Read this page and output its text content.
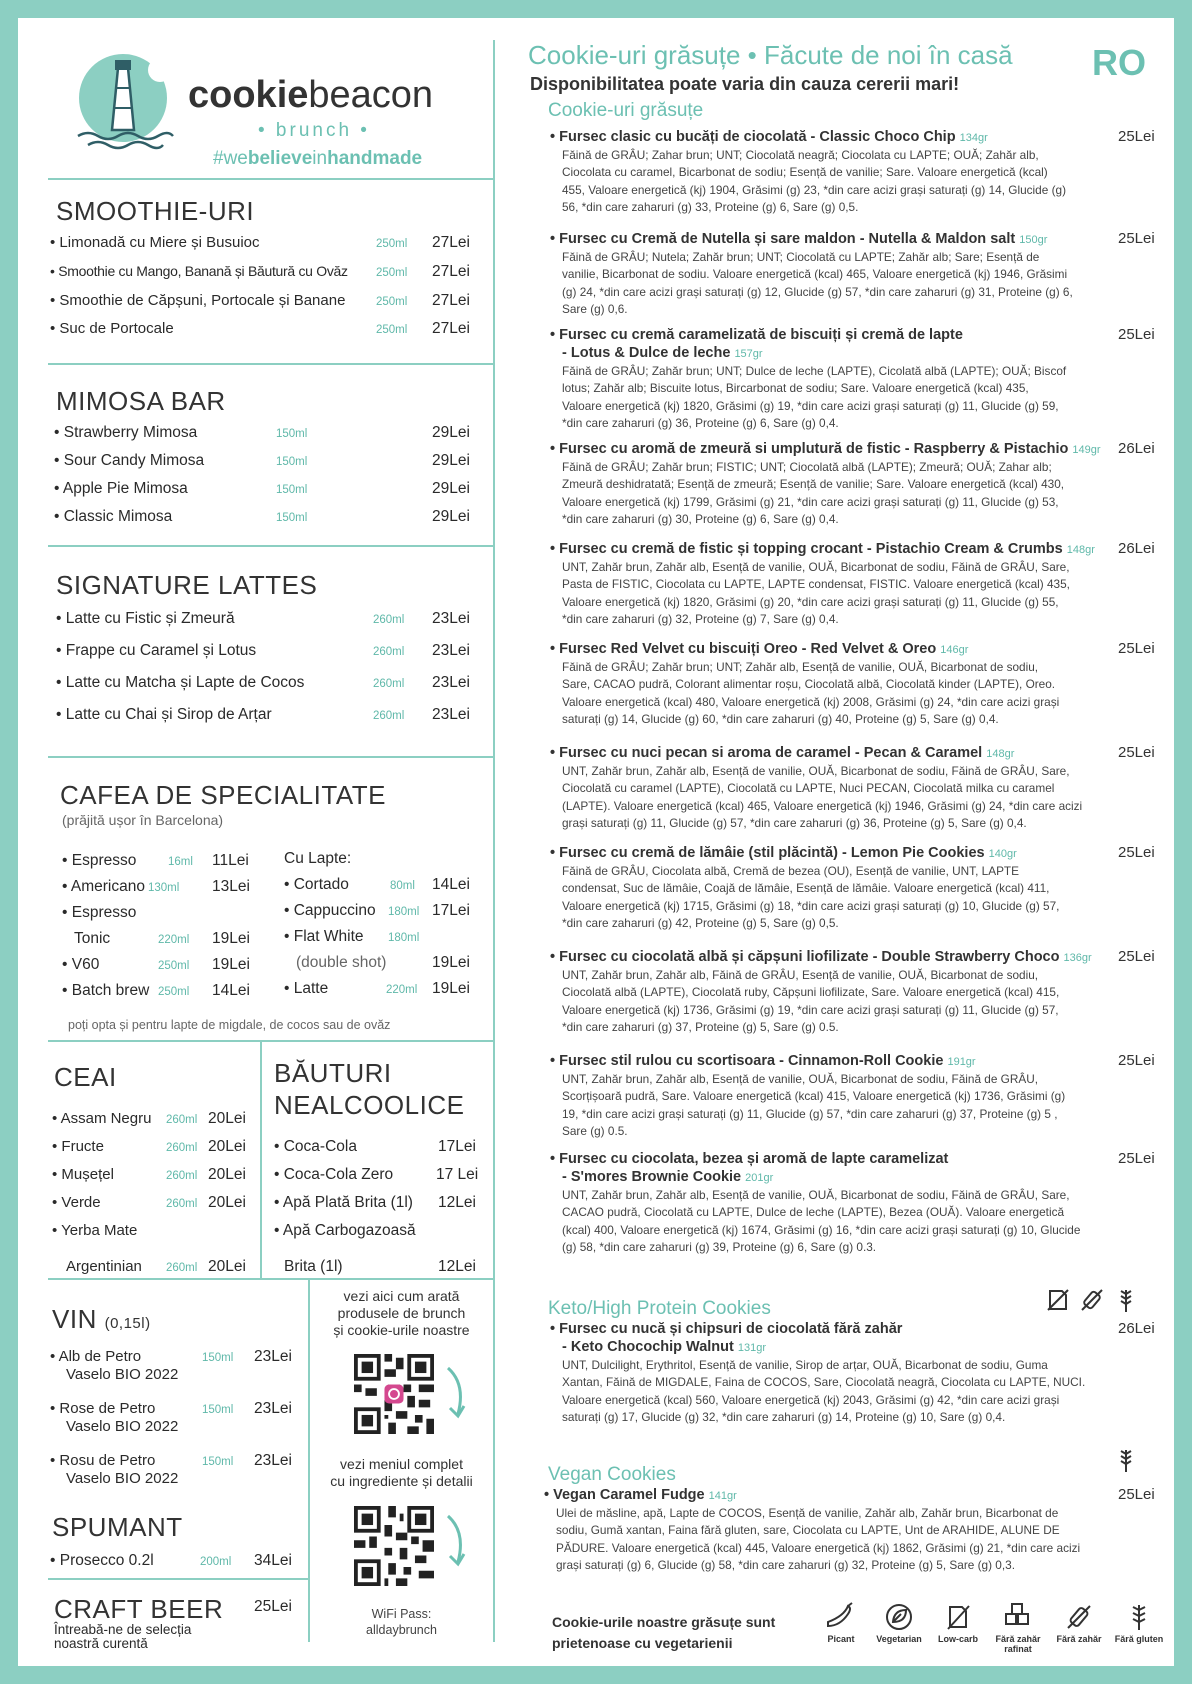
cookiebeacon
• brunch •
#webelieveinhandmade
SMOOTHIE-URI
• Limonadă cu Miere și Busuioc	250ml 27Lei
• Smoothie cu Mango, Banană și Băutură cu Ovăz 250ml 27Lei
• Smoothie de Căpșuni, Portocale și Banane	250ml 27Lei
• Suc de Portocale	250ml 27Lei
MIMOSA BAR
• Strawberry Mimosa	150ml	29Lei
• Sour Candy Mimosa	150ml	29Lei
• Apple Pie Mimosa	150ml	29Lei
• Classic Mimosa	150ml	29Lei
SIGNATURE LATTES
• Latte cu Fistic și Zmeură	260ml 23Lei
• Frappe cu Caramel și Lotus	260ml 23Lei
• Latte cu Matcha și Lapte de Cocos	260ml 23Lei
• Latte cu Chai și Sirop de Arțar	260ml 23Lei
CAFEA DE SPECIALITATE
(prăjită ușor în Barcelona)
• Espresso	16ml 11Lei
• Americano 130ml 13Lei
• Espresso
Tonic	220ml 19Lei
• V60	250ml 19Lei
• Batch brew 250ml 14Lei
Cu Lapte:
• Cortado	80ml 14Lei
• Cappuccino 180ml 17Lei
• Flat White 180ml
(double shot)	19Lei
• Latte	220ml 19Lei
poți opta și pentru lapte de migdale, de cocos sau de ovăz
CEAI
• Assam Negru 260ml 20Lei
• Fructe	260ml 20Lei
• Mușețel	260ml 20Lei
• Verde	260ml 20Lei
• Yerba Mate
Argentinian 260ml 20Lei
BĂUTURI
NEALCOOLICE
• Coca-Cola	17Lei
• Coca-Cola Zero	17 Lei
• Apă Plată Brita (1l) 12Lei
• Apă Carbogazoasă
Brita (1l)	12Lei
VIN (0,15l)
• Alb de Petro
Vaselo BIO 2022
150ml 23Lei
• Rose de Petro
Vaselo BIO 2022
150ml 23Lei
• Rosu de Petro
Vaselo BIO 2022
150ml 23Lei
SPUMANT
• Prosecco 0.2l	200ml 34Lei
CRAFT BEER 25Lei
Întreabă-ne de selecția
noastră curentă
vezi aici cum arată
produsele de brunch
și cookie-urile noastre
vezi meniul complet
cu ingrediente și detalii
WiFi Pass:
alldaybrunch
Cookie-uri grăsuțe • Făcute de noi în casă RO
Disponibilitatea poate varia din cauza cererii mari!
Cookie-uri grăsuțe
• Fursec clasic cu bucăți de ciocolată - Classic Choco Chip 134gr
Făină de GRÂU; Zahar brun; UNT; Ciocolată neagră; Ciocolata cu LAPTE; OUĂ; Zahăr alb,
Ciocolata cu caramel, Bicarbonat de sodiu; Esență de vanilie; Sare. Valoare energetică (kcal)
455, Valoare energetică (kj) 1904, Grăsimi (g) 23, *din care acizi grași saturați (g) 14, Glucide (g)
56, *din care zaharuri (g) 33, Proteine (g) 6, Sare (g) 0,5.
25Lei
• Fursec cu Cremă de Nutella și sare maldon - Nutella & Maldon salt 150gr
Făină de GRÂU; Nutela; Zahăr brun; UNT; Ciocolată cu LAPTE; Zahăr alb; Sare; Esență de
vanilie, Bicarbonat de sodiu. Valoare energetică (kcal) 465, Valoare energetică (kj) 1946, Grăsimi
(g) 24, *din care acizi grași saturați (g) 12, Glucide (g) 57, *din care zaharuri (g) 31, Proteine (g) 6,
Sare (g) 0,6.
25Lei
• Fursec cu cremă caramelizată de biscuiți și cremă de lapte
- Lotus & Dulce de leche 157gr
Făină de GRÂU; Zahăr brun; UNT; Dulce de leche (LAPTE), Cicolată albă (LAPTE); OUĂ; Biscof
lotus; Zahăr alb; Biscuite lotus, Bircarbonat de sodiu; Sare. Valoare energetică (kcal) 435,
Valoare energetică (kj) 1820, Grăsimi (g) 19, *din care acizi grași saturați (g) 11, Glucide (g) 59,
*din care zaharuri (g) 36, Proteine (g) 6, Sare (g) 0,4.
25Lei
• Fursec cu aromă de zmeură si umplutură de fistic - Raspberry & Pistachio 149gr
Făină de GRÂU; Zahăr brun; FISTIC; UNT; Ciocolată albă (LAPTE); Zmeură; OUĂ; Zahar alb;
Zmeură deshidratată; Esență de zmeură; Esență de vanilie; Sare. Valoare energetică (kcal) 430,
Valoare energetică (kj) 1799, Grăsimi (g) 21, *din care acizi grași saturați (g) 11, Glucide (g) 53,
*din care zaharuri (g) 30, Proteine (g) 6, Sare (g) 0,4.
26Lei
• Fursec cu cremă de fistic și topping crocant - Pistachio Cream & Crumbs 148gr
UNT, Zahăr brun, Zahăr alb, Esență de vanilie, OUĂ, Bicarbonat de sodiu, Făină de GRÂU, Sare,
Pasta de FISTIC, Ciocolata cu LAPTE, LAPTE condensat, FISTIC. Valoare energetică (kcal) 435,
Valoare energetică (kj) 1820, Grăsimi (g) 20, *din care acizi grași saturați (g) 11, Glucide (g) 55,
*din care zaharuri (g) 32, Proteine (g) 7, Sare (g) 0,4.
26Lei
• Fursec Red Velvet cu biscuiți Oreo - Red Velvet & Oreo 146gr
Făină de GRÂU; Zahăr brun; UNT; Zahăr alb, Esență de vanilie, OUĂ, Bicarbonat de sodiu,
Sare, CACAO pudră, Colorant alimentar roșu, Ciocolată albă, Ciocolată kinder (LAPTE), Oreo.
Valoare energetică (kcal) 480, Valoare energetică (kj) 2008, Grăsimi (g) 24, *din care acizi grași
saturați (g) 14, Glucide (g) 60, *din care zaharuri (g) 40, Proteine (g) 5, Sare (g) 0,4.
25Lei
• Fursec cu nuci pecan si aroma de caramel - Pecan & Caramel 148gr
UNT, Zahăr brun, Zahăr alb, Esență de vanilie, OUĂ, Bicarbonat de sodiu, Făină de GRÂU, Sare,
Ciocolată cu caramel (LAPTE), Ciocolată cu LAPTE, Nuci PECAN, Ciocolată milka cu caramel
(LAPTE). Valoare energetică (kcal) 465, Valoare energetică (kj) 1946, Grăsimi (g) 24, *din care acizi
grași saturați (g) 11, Glucide (g) 57, *din care zaharuri (g) 36, Proteine (g) 5, Sare (g) 0,4.
25Lei
• Fursec cu cremă de lămâie (stil plăcintă) - Lemon Pie Cookies 140gr
Făină de GRÂU, Ciocolata albă, Cremă de bezea (OU), Esență de vanilie, UNT, LAPTE
condensat, Suc de lămâie, Coajă de lămâie, Esență de lămâie. Valoare energetică (kcal) 411,
Valoare energetică (kj) 1715, Grăsimi (g) 18, *din care acizi grași saturați (g) 10, Glucide (g) 57,
*din care zaharuri (g) 42, Proteine (g) 5, Sare (g) 0,5.
25Lei
• Fursec cu ciocolată albă și căpșuni liofilizate - Double Strawberry Choco 136gr
UNT, Zahăr brun, Zahăr alb, Făină de GRÂU, Esență de vanilie, OUĂ, Bicarbonat de sodiu,
Ciocolată albă (LAPTE), Ciocolată ruby, Căpșuni liofilizate, Sare. Valoare energetică (kcal) 415,
Valoare energetică (kj) 1736, Grăsimi (g) 19, *din care acizi grași saturați (g) 11, Glucide (g) 57,
*din care zaharuri (g) 37, Proteine (g) 5, Sare (g) 0.5.
25Lei
• Fursec stil rulou cu scortisoara - Cinnamon-Roll Cookie 191gr
UNT, Zahăr brun, Zahăr alb, Esență de vanilie, OUĂ, Bicarbonat de sodiu, Făină de GRÂU,
Scorțișoară pudră, Sare. Valoare energetică (kcal) 415, Valoare energetică (kj) 1736, Grăsimi (g)
19, *din care acizi grași saturați (g) 11, Glucide (g) 57, *din care zaharuri (g) 37, Proteine (g) 5 ,
Sare (g) 0.5.
25Lei
• Fursec cu ciocolata, bezea și aromă de lapte caramelizat
- S'mores Brownie Cookie 201gr
UNT, Zahăr brun, Zahăr alb, Esență de vanilie, OUĂ, Bicarbonat de sodiu, Făină de GRÂU, Sare,
CACAO pudră, Ciocolată cu LAPTE, Dulce de leche (LAPTE), Bezea (OUĂ). Valoare energetică
(kcal) 400, Valoare energetică (kj) 1674, Grăsimi (g) 16, *din care acizi grași saturați (g) 10, Glucide
(g) 58, *din care zaharuri (g) 39, Proteine (g) 6, Sare (g) 0.3.
25Lei
Keto/High Protein Cookies
• Fursec cu nucă și chipsuri de ciocolată fără zahăr
- Keto Chocochip Walnut 131gr
UNT, Dulcilight, Erythritol, Esență de vanilie, Sirop de arțar, OUĂ, Bicarbonat de sodiu, Guma
Xantan, Făină de MIGDALE, Faina de COCOS, Sare, Ciocolată neagră, Ciocolata cu LAPTE, NUCI.
Valoare energetică (kcal) 560, Valoare energetică (kj) 2043, Grăsimi (g) 42, *din care acizi grași
saturați (g) 17, Glucide (g) 32, *din care zaharuri (g) 14, Proteine (g) 10, Sare (g) 0,4.
26Lei
Vegan Cookies
• Vegan Caramel Fudge 141gr
Ulei de măsline, apă, Lapte de COCOS, Esență de vanilie, Zahăr alb, Zahăr brun, Bicarbonat de
sodiu, Gumă xantan, Faina fără gluten, sare, Ciocolata cu LAPTE, Unt de ARAHIDE, ALUNE DE
PĂDURE. Valoare energetică (kcal) 445, Valoare energetică (kj) 1862, Grăsimi (g) 21, *din care acizi
grași saturați (g) 6, Glucide (g) 58, *din care zaharuri (g) 32, Proteine (g) 5, Sare (g) 0,3.
25Lei
Cookie-urile noastre grăsuțe sunt
prietenoase cu vegetarienii	Picant	Vegetarian	Low-carb	Fără zahăr rafinat
Fără zahăr	Fără gluten
